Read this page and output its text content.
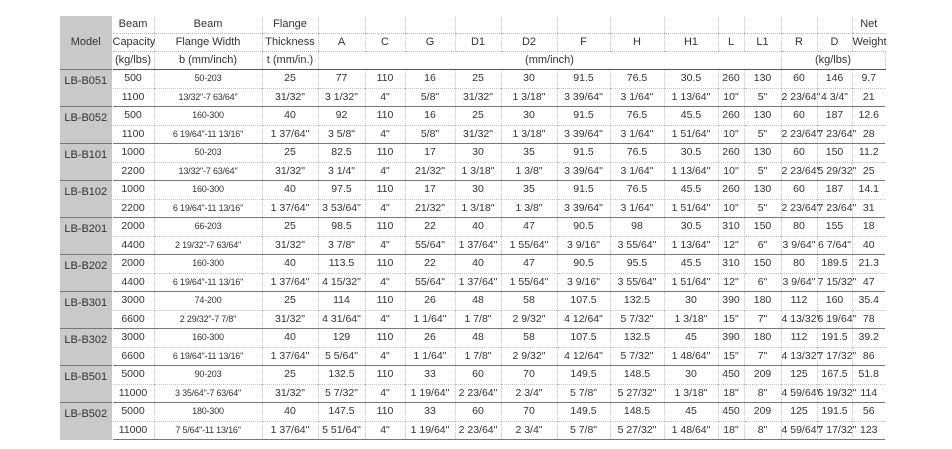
Model	Beam	Beam	Flange													Net	
	Capacity	Flange Width	Thickness	A	C	G	D1	D2	F	H	H1	L	L1	R	D	Weight	
	(kg/lbs)	b (mm/inch)	t (mm/in.)	(mm/inch)										(kg/lbs)			
LB-B051	500	50-203	25	77	110	16	25	30	91.5	76.5	30.5	260	130	60	146	9.7	
	1100	13/32"-7 63/64"	31/32"	3 1/32"	4"	5/8"	31/32"	1 3/18"	3 39/64"	3 1/64"	1 13/64"	10"	5"	2 23/64"	4 3/4"	21	
LB-B052	500	160-300	40	92	110	16	25	30	91.5	76.5	45.5	260	130	60	187	12.6	
	1100	6 19/64"-11 13/16"	1 37/64"	3 5/8"	4"	5/8"	31/32"	1 3/18"	3 39/64"	3 1/64"	1 51/64"	10"	5"	2 23/64"	7 23/64"	28	
LB-B101	1000	50-203	25	82.5	110	17	30	35	91.5	76.5	30.5	260	130	60	150	11.2	
	2200	13/32"-7 63/64"	31/32"	3 1/4"	4"	21/32"	1 3/18"	1 3/8"	3 39/64"	3 1/64"	1 13/64"	10"	5"	2 23/64"	5 29/32"	25	
LB-B102	1000	160-300	40	97.5	110	17	30	35	91.5	76.5	45.5	260	130	60	187	14.1	
	2200	6 19/64"-11 13/16"	1 37/64"	3 53/64"	4"	21/32"	1 3/18"	1 3/8"	3 39/64"	3 1/64"	1 51/64"	10"	5"	2 23/64"	7 23/64"	31	
LB-B201	2000	66-203	25	98.5	110	22	40	47	90.5	98	30.5	310	150	80	155	18	
	4400	2 19/32"-7 63/64"	31/32"	3 7/8"	4"	55/64"	1 37/64"	1 55/64"	3 9/16"	3 55/64"	1 13/64"	12"	6"	3 9/64"	6 7/64"	40	
LB-B202	2000	160-300	40	113.5	110	22	40	47	90.5	95.5	45.5	310	150	80	189.5	21.3	
	4400	6 19/64"-11 13/16"	1 37/64"	4 15/32"	4"	55/64"	1 37/64"	1 55/64"	3 9/16"	3 55/64"	1 51/64"	12"	6"	3 9/64"	7 15/32"	47	
LB-B301	3000	74-200	25	114	110	26	48	58	107.5	132.5	30	390	180	112	160	35.4	
	6600	2 29/32"-7 7/8"	31/32"	4 31/64"	4"	1 1/64"	1 7/8"	2 9/32"	4 12/64"	5 7/32"	1 3/18"	15"	7"	4 13/32"	6 19/64"	78	
LB-B302	3000	160-300	40	129	110	26	48	58	107.5	132.5	45	390	180	112	191.5	39.2	
	6600	6 19/64"-11 13/16"	1 37/64"	5 5/64"	4"	1 1/64"	1 7/8"	2 9/32"	4 12/64"	5 7/32"	1 48/64"	15"	7"	4 13/32"	7 17/32"	86	
LB-B501	5000	90-203	25	132.5	110	33	60	70	149.5	148.5	30	450	209	125	167.5	51.8	
	11000	3 35/64"-7 63/64"	31/32"	5 7/32"	4"	1 19/64"	2 23/64"	2 3/4"	5 7/8"	5 27/32"	1 3/18"	18"	8"	4 59/64"	6 19/32"	114	
LB-B502	5000	180-300	40	147.5	110	33	60	70	149.5	148.5	45	450	209	125	191.5	56	
	11000	7 5/64"-11 13/16"	1 37/64"	5 51/64"	4"	1 19/64"	2 23/64"	2 3/4"	5 7/8"	5 27/32"	1 48/64"	18"	8"	4 59/64"	7 17/32"	123	
